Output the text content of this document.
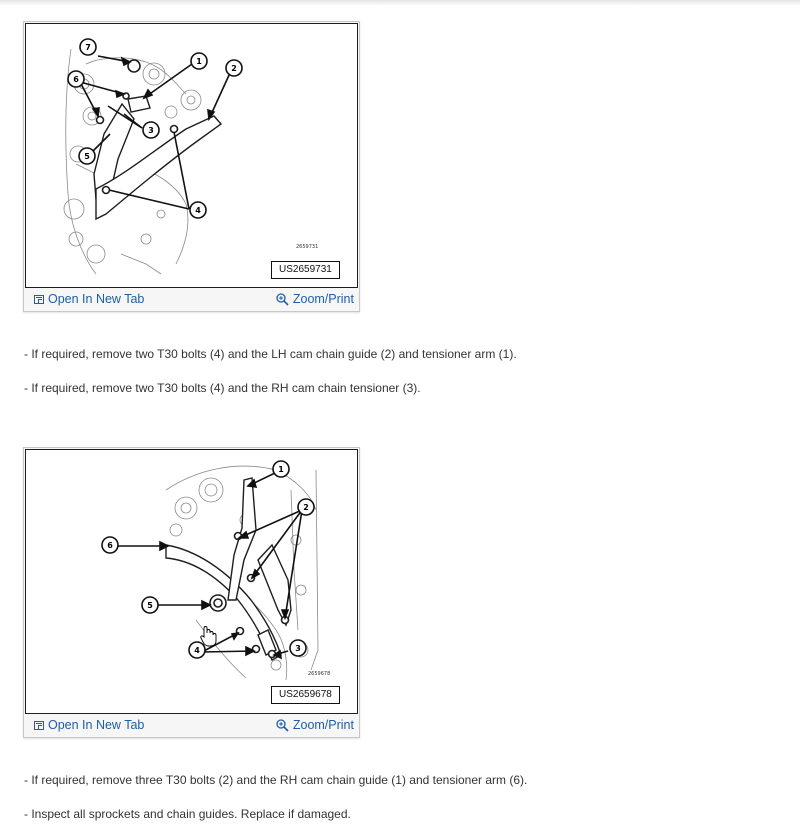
7
1
2
6
3
5
4
2659731
US2659731
Open In New Tab	Zoom/Print
- If required, remove two T30 bolts (4) and the LH cam chain guide (2) and tensioner arm (1).
- If required, remove two T30 bolts (4) and the RH cam chain tensioner (3).
1
2
6
5
4	3
2659678
US2659678
Open In New Tab	Zoom/Print
- If required, remove three T30 bolts (2) and the RH cam chain guide (1) and tensioner arm (6).
- Inspect all sprockets and chain guides. Replace if damaged.
